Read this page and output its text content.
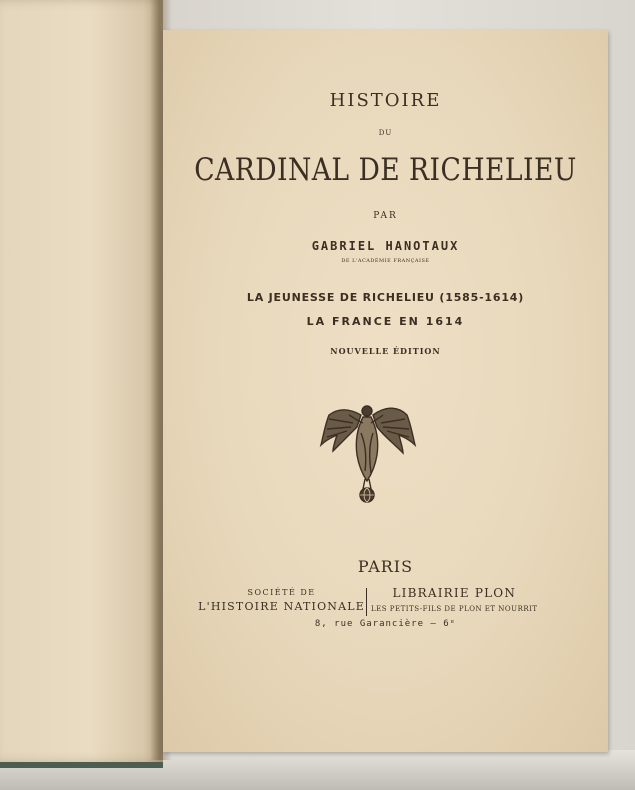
HISTOIRE

DU

CARDINAL DE RICHELIEU

PAR

GABRIEL HANOTAUX

DE L'ACADÉMIE FRANÇAISE

LA JEUNESSE DE RICHELIEU (1585-1614)

LA FRANCE EN 1614

NOUVELLE ÉDITION

PARIS

SOCIÉTÉ DE
L'HISTOIRE NATIONALE
LIBRAIRIE PLON
LES PETITS-FILS DE PLON ET NOURRIT

8, rue Garancière — 6ᵉ
